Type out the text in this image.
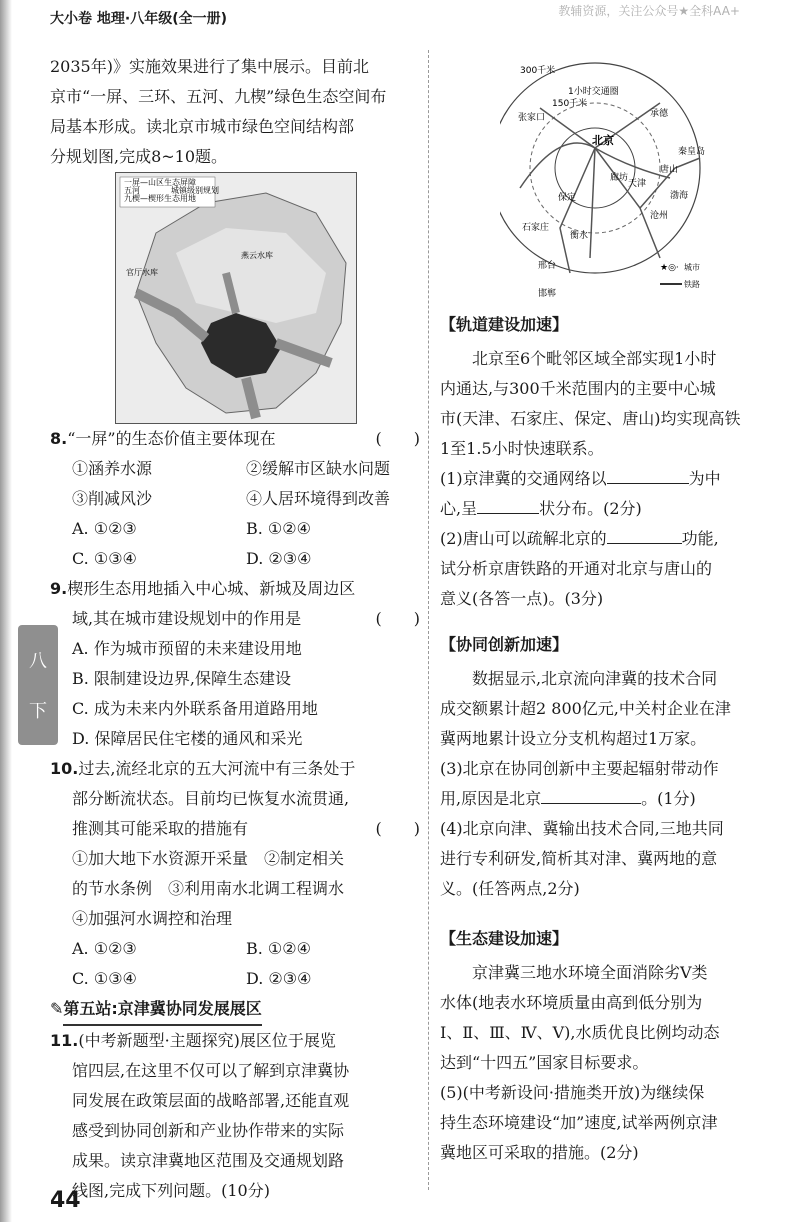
大小卷 地理·八年级(全一册)	教辅资源，关注公众号★全科AA+

2035年)》实施效果进行了集中展示。目前北

京市“一屏、三环、五河、九楔”绿色生态空间布

局基本形成。读北京市城市绿色空间结构部

分规划图,完成8~10题。

一屏—山区生态屏障
五河
九楔—楔形生态用地
城镇级别规划
燕云水库
官厅水库

8.“一屏”的生态价值主要体现在	(　　)

①涵养水源	②缓解市区缺水问题
③削减风沙	④人居环境得到改善
A. ①②③	B. ①②④
C. ①③④	D. ②③④

9.楔形生态用地插入中心城、新城及周边区

域,其在城市建设规划中的作用是	(　　)

A. 作为城市预留的未来建设用地

B. 限制建设边界,保障生态建设

C. 成为未来内外联系备用道路用地

D. 保障居民住宅楼的通风和采光

10.过去,流经北京的五大河流中有三条处于

部分断流状态。目前均已恢复水流贯通,

推测其可能采取的措施有	(　　)

①加大地下水资源开采量　②制定相关

的节水条例　③利用南水北调工程调水

④加强河水调控和治理

A. ①②③	B. ①②④
C. ①③④	D. ②③④

✎第五站:京津冀协同发展展区

11.(中考新题型·主题探究)展区位于展览

馆四层,在这里不仅可以了解到京津冀协

同发展在政策层面的战略部署,还能直观

感受到协同创新和产业协作带来的实际

成果。读京津冀地区范围及交通规划路

线图,完成下列问题。(10分)

300千米
1小时交通圈
150千米
张家口	承德
北京
秦皇岛
廊坊
唐山
天津
保定	渤海
沧州
石家庄
衡水
邢台
邯郸
★◎· 城市
铁路

【轨道建设加速】

北京至6个毗邻区域全部实现1小时

内通达,与300千米范围内的主要中心城

市(天津、石家庄、保定、唐山)均实现高铁

1至1.5小时快速联系。

(1)京津冀的交通网络以	为中

心,呈	状分布。(2分)

(2)唐山可以疏解北京的	功能,

试分析京唐铁路的开通对北京与唐山的

意义(各答一点)。(3分)

【协同创新加速】

数据显示,北京流向津冀的技术合同

成交额累计超2 800亿元,中关村企业在津

冀两地累计设立分支机构超过1万家。

(3)北京在协同创新中主要起辐射带动作

用,原因是北京	。(1分)

(4)北京向津、冀输出技术合同,三地共同

进行专利研发,简析其对津、冀两地的意

义。(任答两点,2分)

【生态建设加速】

京津冀三地水环境全面消除劣Ⅴ类

水体(地表水环境质量由高到低分别为

Ⅰ、Ⅱ、Ⅲ、Ⅳ、Ⅴ),水质优良比例均动态

达到“十四五”国家目标要求。

(5)(中考新设问·措施类开放)为继续保

持生态环境建设“加”速度,试举两例京津

冀地区可采取的措施。(2分)

八
下
44
